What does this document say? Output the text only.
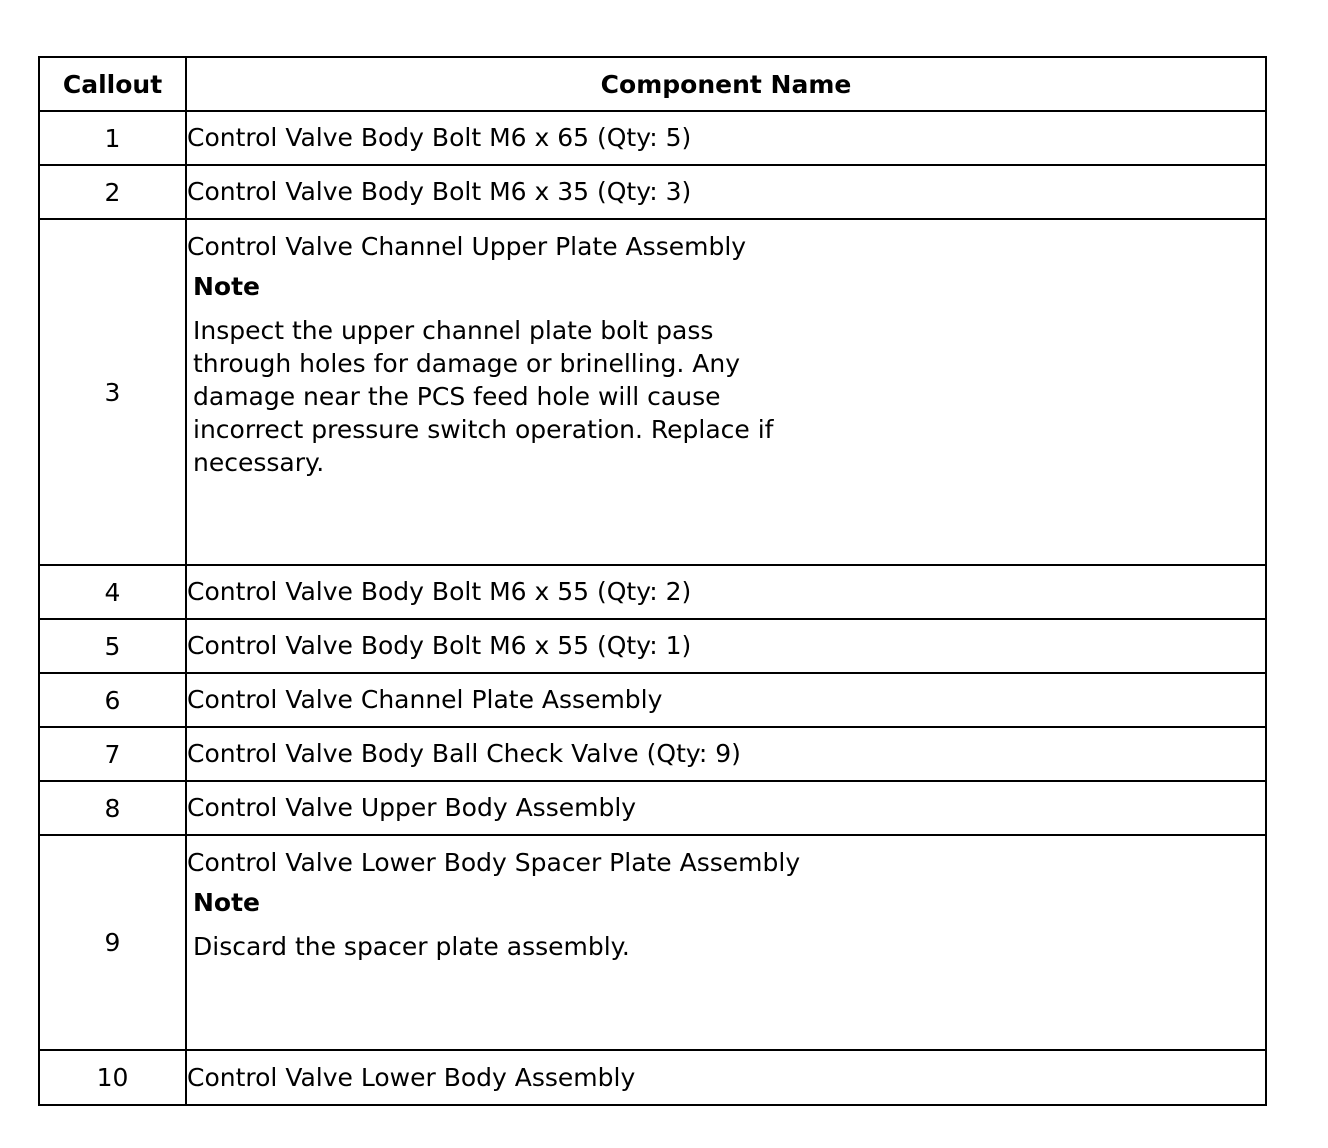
Callout	Component Name
1	Control Valve Body Bolt M6 x 65 (Qty: 5)
2	Control Valve Body Bolt M6 x 35 (Qty: 3)
3	Control Valve Channel Upper Plate Assembly
Note
Inspect the upper channel plate bolt pass through holes for damage or brinelling. Any damage near the PCS feed hole will cause incorrect pressure switch operation. Replace if necessary.

4	Control Valve Body Bolt M6 x 55 (Qty: 2)
5	Control Valve Body Bolt M6 x 55 (Qty: 1)
6	Control Valve Channel Plate Assembly
7	Control Valve Body Ball Check Valve (Qty: 9)
8	Control Valve Upper Body Assembly
9	Control Valve Lower Body Spacer Plate Assembly
Note
Discard the spacer plate assembly.

10	Control Valve Lower Body Assembly
